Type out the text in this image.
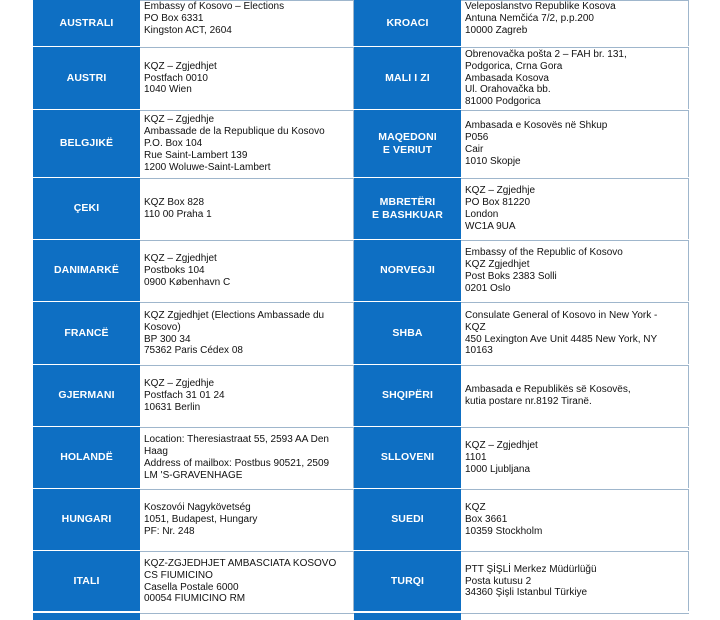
AUSTRALI
Embassy of Kosovo – Elections
PO Box 6331
Kingston ACT, 2604
KROACI
Veleposlanstvo Republike Kosova
Antuna Nemčića 7/2, p.p.200
10000 Zagreb
AUSTRI
KQZ – Zgjedhjet
Postfach 0010
1040 Wien
MALI I ZI
Obrenovačka pošta 2 – FAH br. 131,
Podgorica, Crna Gora
Ambasada Kosova
Ul. Orahovačka bb.
81000 Podgorica
BELGJIKË
KQZ – Zgjedhje
Ambassade de la Republique du Kosovo
P.O. Box 104
Rue Saint-Lambert 139
1200 Woluwe-Saint-Lambert
MAQEDONI
E VERIUT
Ambasada e Kosovës në Shkup
P056
Cair
1010 Skopje
ÇEKI	KQZ Box 828
110 00 Praha 1
MBRETËRI
E BASHKUAR
KQZ – Zgjedhje
PO Box 81220
London
WC1A 9UA
DANIMARKË
KQZ – Zgjedhjet
Postboks 104
0900 København C
NORVEGJI
Embassy of the Republic of Kosovo
KQZ Zgjedhjet
Post Boks 2383 Solli
0201 Oslo
FRANCË
KQZ Zgjedhjet (Elections Ambassade du
Kosovo)
BP 300 34
75362 Paris Cédex 08
SHBA
Consulate General of Kosovo in New York -
KQZ
450 Lexington Ave Unit 4485 New York, NY
10163
GJERMANI
KQZ – Zgjedhje
Postfach 31 01 24
10631 Berlin
SHQIPËRI	Ambasada e Republikës së Kosovës,
kutia postare nr.8192 Tiranë.
HOLANDË
Location: Theresiastraat 55, 2593 AA Den
Haag
Address of mailbox: Postbus 90521, 2509
LM 'S-GRAVENHAGE
SLLOVENI
KQZ – Zgjedhjet
1101
1000 Ljubljana
HUNGARI
Koszovói Nagykövetség
1051, Budapest, Hungary
PF: Nr. 248
SUEDI
KQZ
Box 3661
10359 Stockholm
ITALI
KQZ-ZGJEDHJET AMBASCIATA KOSOVO
CS FIUMICINO
Casella Postale 6000
00054 FIUMICINO RM
TURQI
PTT ŞİŞLİ Merkez Müdürlüğü
Posta kutusu 2
34360 Şişli Istanbul Türkiye
